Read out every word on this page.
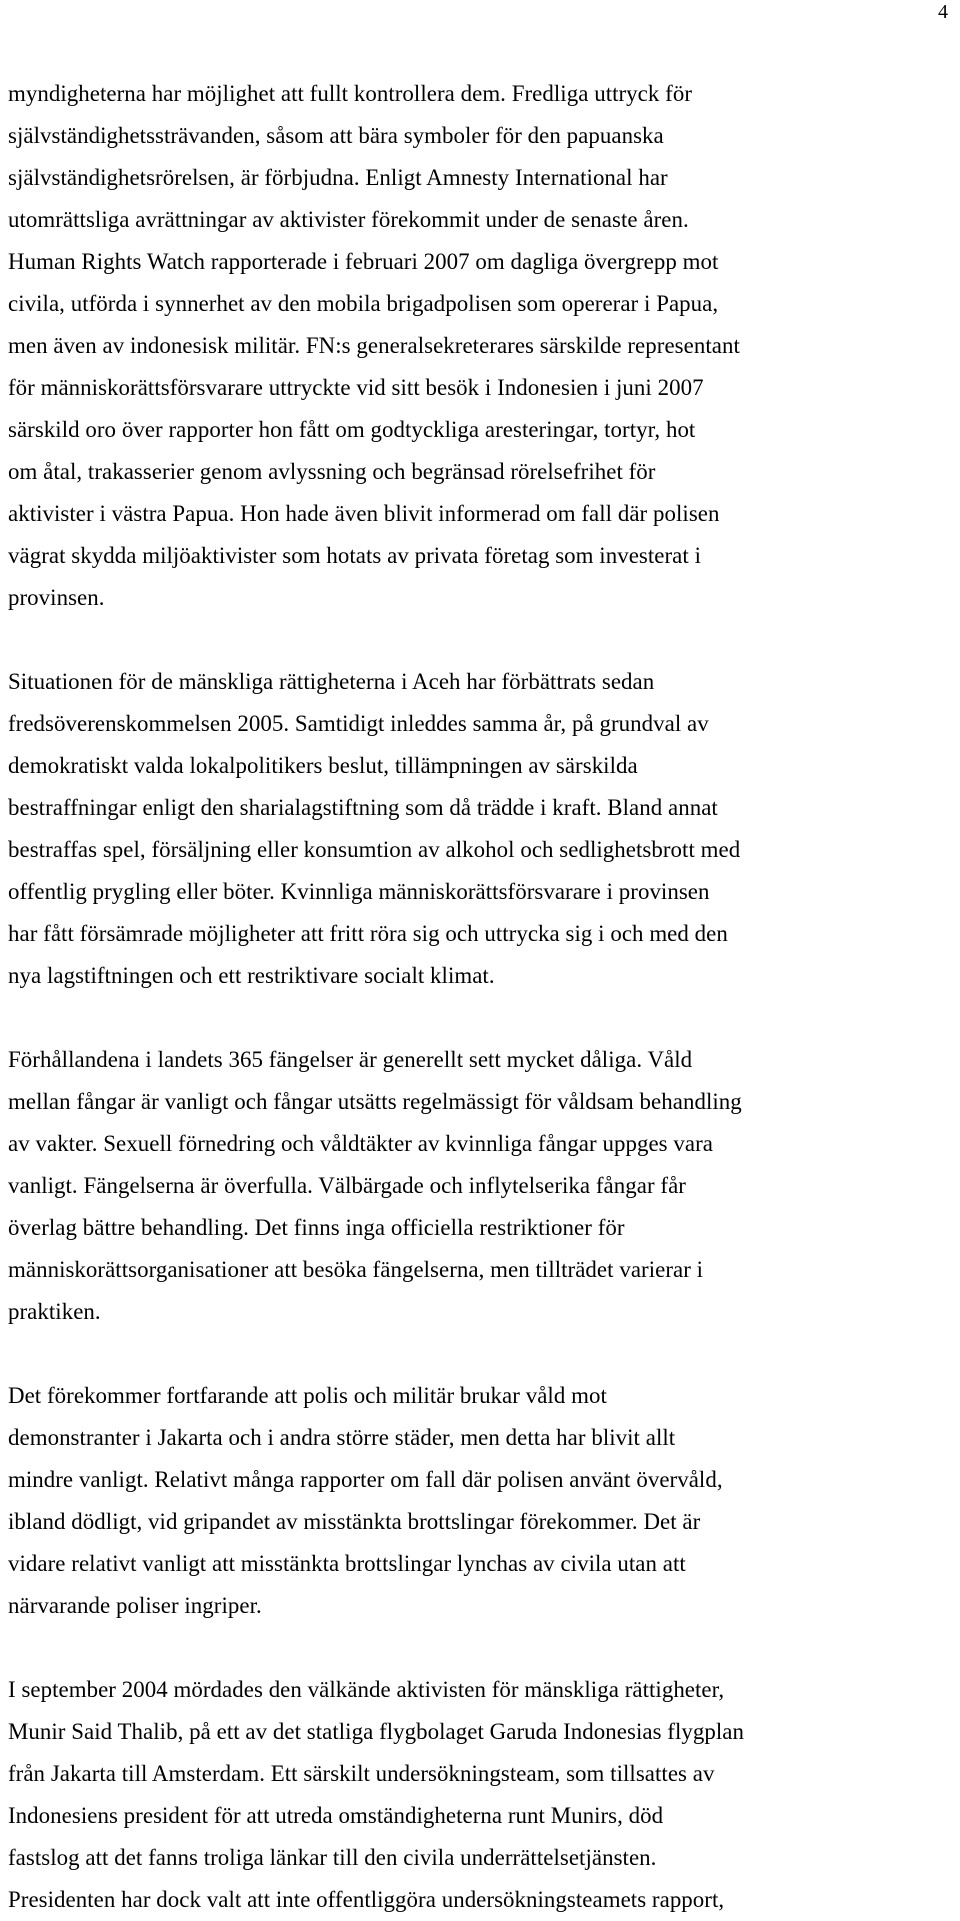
4
myndigheterna har möjlighet att fullt kontrollera dem. Fredliga uttryck för
självständighetssträvanden, såsom att bära symboler för den papuanska
självständighetsrörelsen, är förbjudna. Enligt Amnesty International har
utomrättsliga avrättningar av aktivister förekommit under de senaste åren.
Human Rights Watch rapporterade i februari 2007 om dagliga övergrepp mot
civila, utförda i synnerhet av den mobila brigadpolisen som opererar i Papua,
men även av indonesisk militär. FN:s generalsekreterares särskilde representant
för människorättsförsvarare uttryckte vid sitt besök i Indonesien i juni 2007
särskild oro över rapporter hon fått om godtyckliga aresteringar, tortyr, hot
om åtal, trakasserier genom avlyssning och begränsad rörelsefrihet för
aktivister i västra Papua. Hon hade även blivit informerad om fall där polisen
vägrat skydda miljöaktivister som hotats av privata företag som investerat i
provinsen.
Situationen för de mänskliga rättigheterna i Aceh har förbättrats sedan
fredsöverenskommelsen 2005. Samtidigt inleddes samma år, på grundval av
demokratiskt valda lokalpolitikers beslut, tillämpningen av särskilda
bestraffningar enligt den sharialagstiftning som då trädde i kraft. Bland annat
bestraffas spel, försäljning eller konsumtion av alkohol och sedlighetsbrott med
offentlig prygling eller böter. Kvinnliga människorättsförsvarare i provinsen
har fått försämrade möjligheter att fritt röra sig och uttrycka sig i och med den
nya lagstiftningen och ett restriktivare socialt klimat.
Förhållandena i landets 365 fängelser är generellt sett mycket dåliga. Våld
mellan fångar är vanligt och fångar utsätts regelmässigt för våldsam behandling
av vakter. Sexuell förnedring och våldtäkter av kvinnliga fångar uppges vara
vanligt. Fängelserna är överfulla. Välbärgade och inflytelserika fångar får
överlag bättre behandling. Det finns inga officiella restriktioner för
människorättsorganisationer att besöka fängelserna, men tillträdet varierar i
praktiken.
Det förekommer fortfarande att polis och militär brukar våld mot
demonstranter i Jakarta och i andra större städer, men detta har blivit allt
mindre vanligt. Relativt många rapporter om fall där polisen använt övervåld,
ibland dödligt, vid gripandet av misstänkta brottslingar förekommer. Det är
vidare relativt vanligt att misstänkta brottslingar lynchas av civila utan att
närvarande poliser ingriper.
I september 2004 mördades den välkände aktivisten för mänskliga rättigheter,
Munir Said Thalib, på ett av det statliga flygbolaget Garuda Indonesias flygplan
från Jakarta till Amsterdam. Ett särskilt undersökningsteam, som tillsattes av
Indonesiens president för att utreda omständigheterna runt Munirs, död
fastslog att det fanns troliga länkar till den civila underrättelsetjänsten.
Presidenten har dock valt att inte offentliggöra undersökningsteamets rapport,
